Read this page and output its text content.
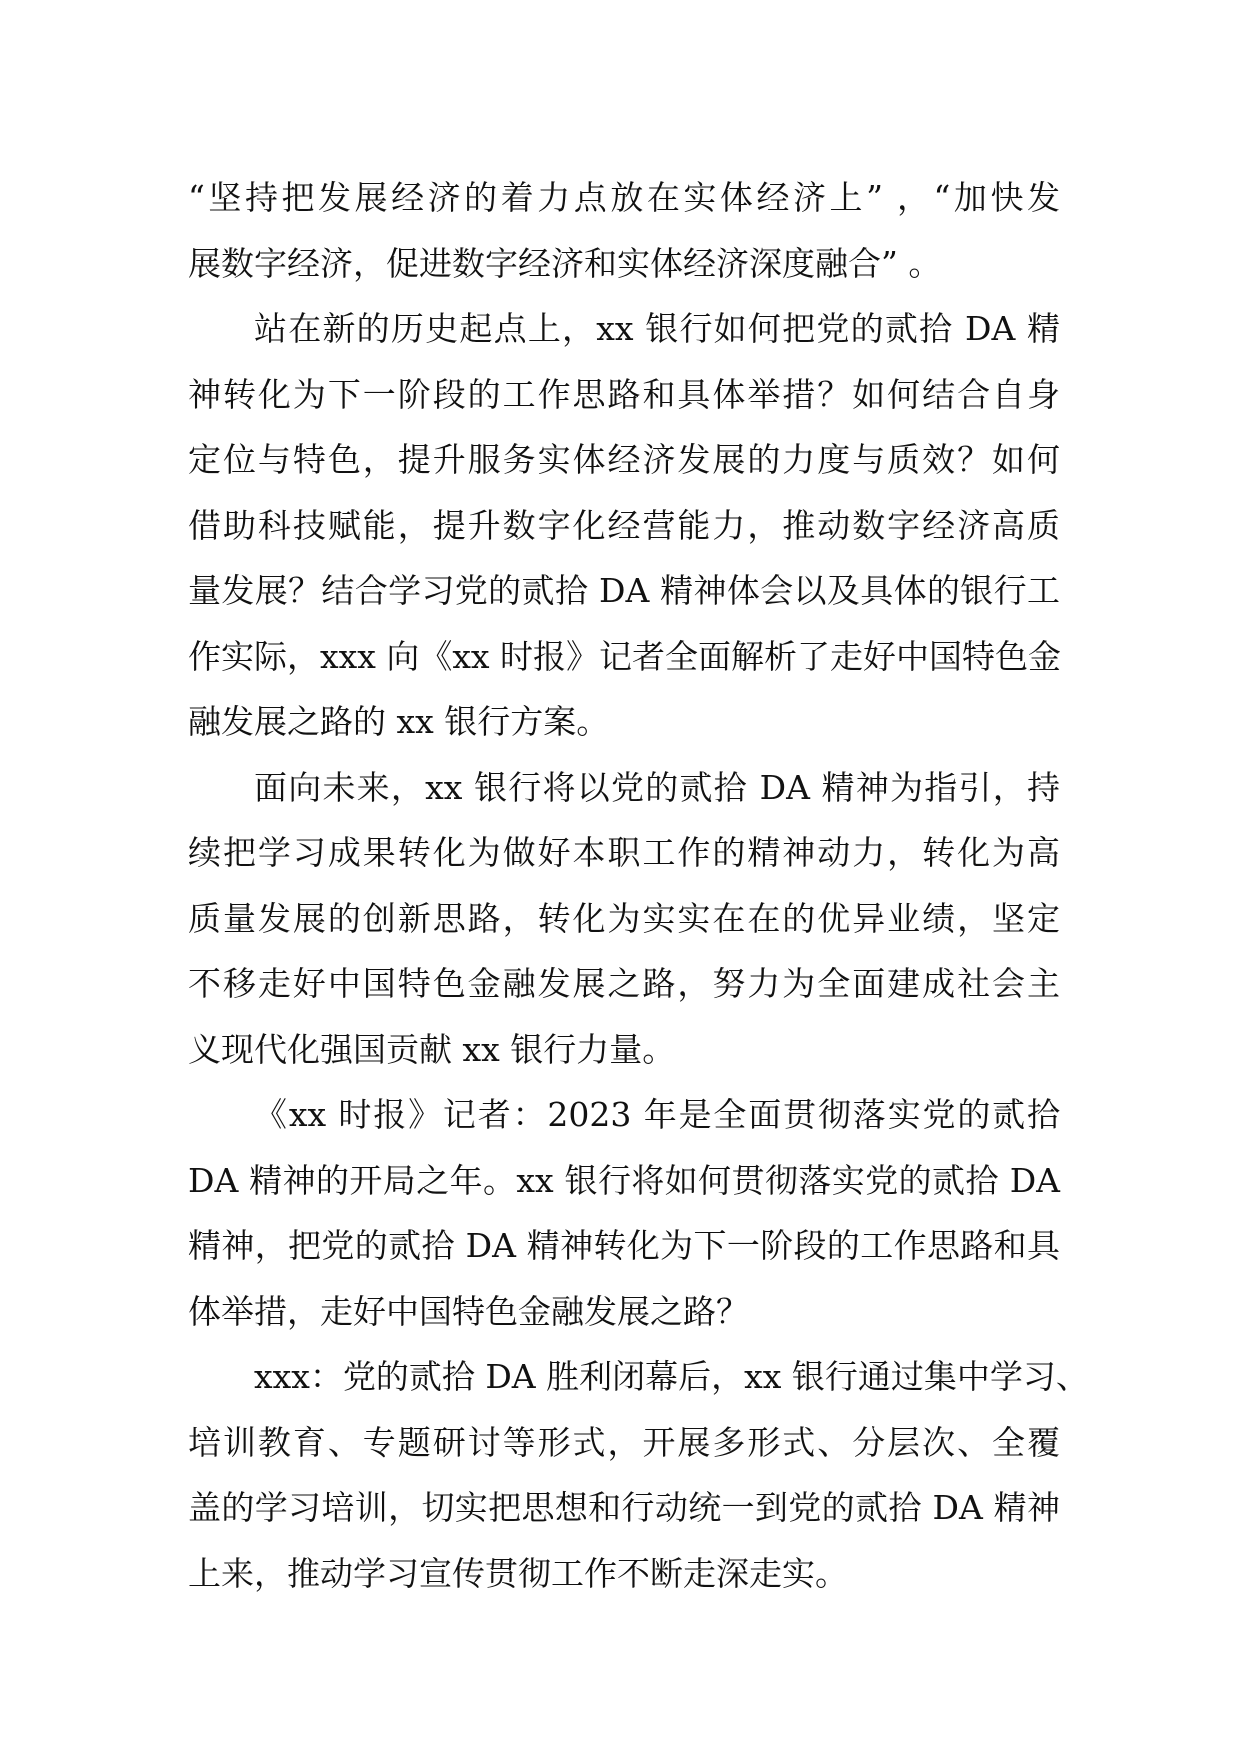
“坚持把发展经济的着力点放在实体经济上” ，“加快发
展数字经济，促进数字经济和实体经济深度融合” 。
站在新的历史起点上，xx 银行如何把党的贰拾 DA 精
神转化为下一阶段的工作思路和具体举措？如何结合自身
定位与特色，提升服务实体经济发展的力度与质效？如何
借助科技赋能，提升数字化经营能力，推动数字经济高质
量发展？结合学习党的贰拾 DA 精神体会以及具体的银行工
作实际，xxx 向《xx 时报》记者全面解析了走好中国特色金
融发展之路的 xx 银行方案。
面向未来，xx 银行将以党的贰拾 DA 精神为指引，持
续把学习成果转化为做好本职工作的精神动力，转化为高
质量发展的创新思路，转化为实实在在的优异业绩，坚定
不移走好中国特色金融发展之路，努力为全面建成社会主
义现代化强国贡献 xx 银行力量。
《xx 时报》记者：2023 年是全面贯彻落实党的贰拾
DA 精神的开局之年。xx 银行将如何贯彻落实党的贰拾 DA
精神，把党的贰拾 DA 精神转化为下一阶段的工作思路和具
体举措，走好中国特色金融发展之路？
xxx：党的贰拾 DA 胜利闭幕后，xx 银行通过集中学习、
培训教育、专题研讨等形式，开展多形式、分层次、全覆
盖的学习培训，切实把思想和行动统一到党的贰拾 DA 精神
上来，推动学习宣传贯彻工作不断走深走实。
